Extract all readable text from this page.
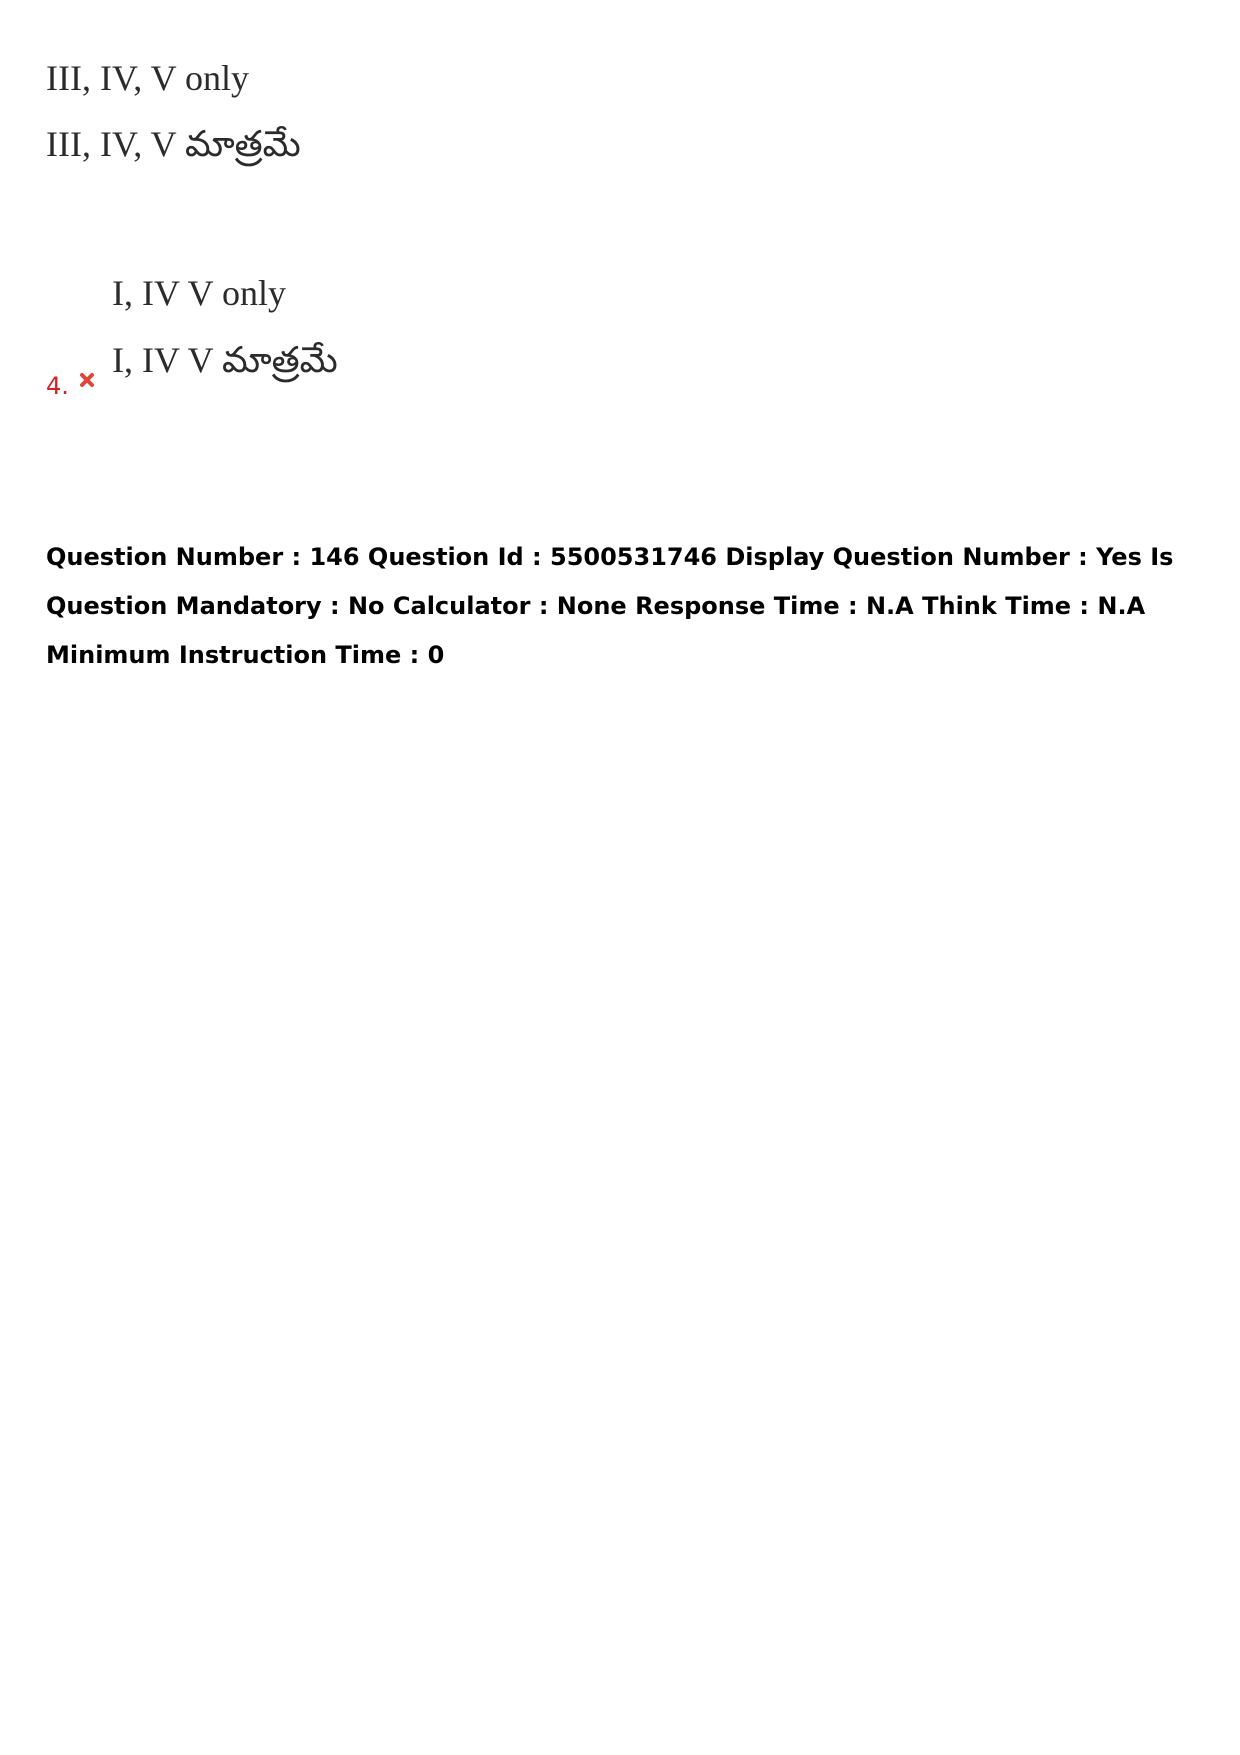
III, IV, V only
III, IV, V మాత్రమే
I, IV V only
I, IV V మాత్రమే
4.
Question Number : 146 Question Id : 5500531746 Display Question Number : Yes Is Question Mandatory : No Calculator : None Response Time : N.A Think Time : N.A Minimum Instruction Time : 0
